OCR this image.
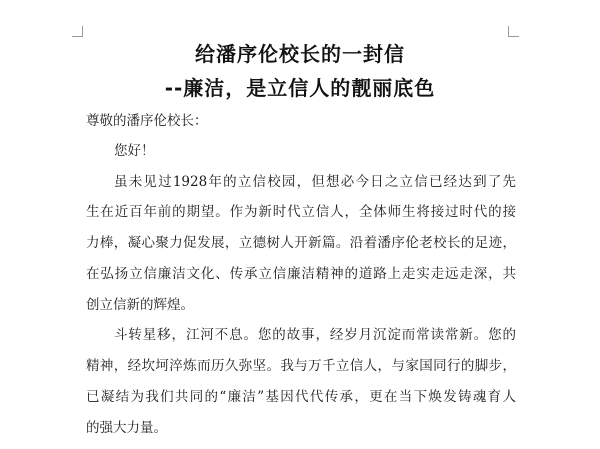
给潘序伦校长的一封信
--廉洁，是立信人的靓丽底色
尊敬的潘序伦校长：
您好！
虽未见过1928年的立信校园，但想必今日之立信已经达到了先
生在近百年前的期望。作为新时代立信人，全体师生将接过时代的接
力棒，凝心聚力促发展，立德树人开新篇。沿着潘序伦老校长的足迹，
在弘扬立信廉洁文化、传承立信廉洁精神的道路上走实走远走深，共
创立信新的辉煌。
斗转星移，江河不息。您的故事，经岁月沉淀而常读常新。您的
精神，经坎坷淬炼而历久弥坚。我与万千立信人，与家国同行的脚步，
已凝结为我们共同的“廉洁”基因代代传承，更在当下焕发铸魂育人
的强大力量。
